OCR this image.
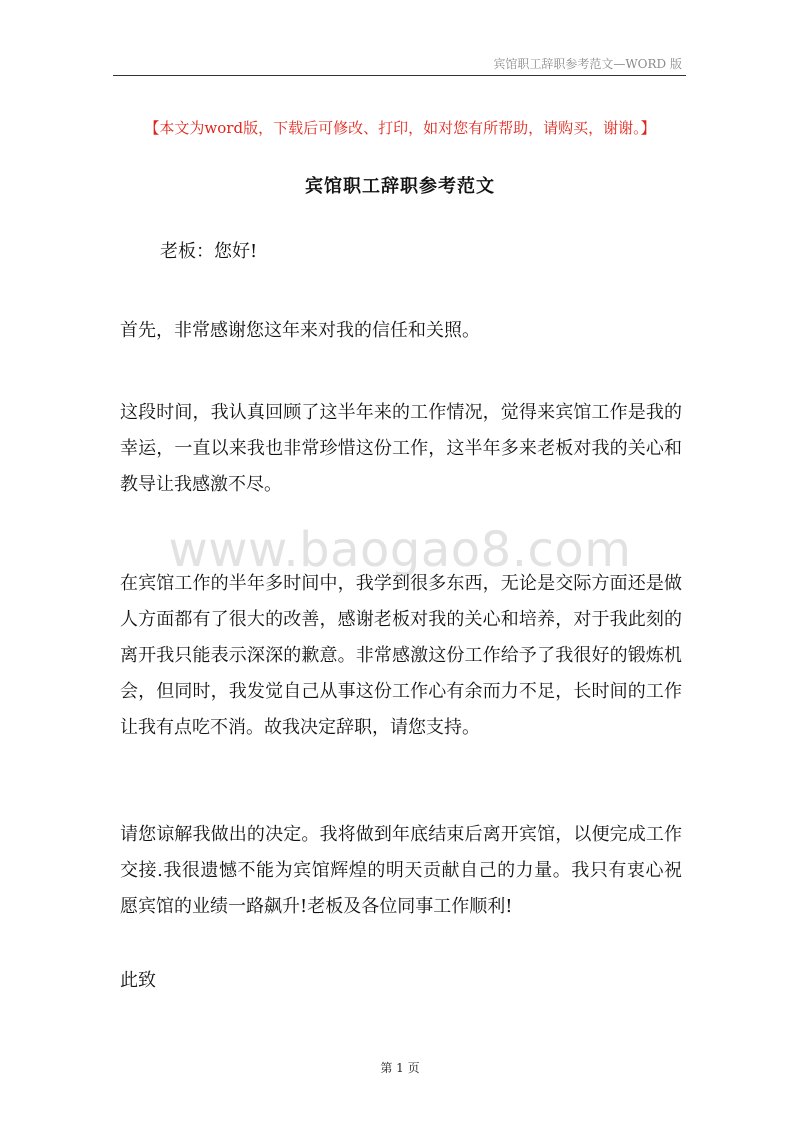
宾馆职工辞职参考范文—WORD 版
【本文为word版，下载后可修改、打印，如对您有所帮助，请购买，谢谢。】
宾馆职工辞职参考范文

老板：您好!

首先，非常感谢您这年来对我的信任和关照。

这段时间，我认真回顾了这半年来的工作情况，觉得来宾馆工作是我的幸运，一直以来我也非常珍惜这份工作，这半年多来老板对我的关心和教导让我感激不尽。

www.baogao8.com

在宾馆工作的半年多时间中，我学到很多东西，无论是交际方面还是做人方面都有了很大的改善，感谢老板对我的关心和培养，对于我此刻的离开我只能表示深深的歉意。非常感激这份工作给予了我很好的锻炼机会，但同时，我发觉自己从事这份工作心有余而力不足，长时间的工作让我有点吃不消。故我决定辞职，请您支持。

请您谅解我做出的决定。我将做到年底结束后离开宾馆，以便完成工作交接.我很遗憾不能为宾馆辉煌的明天贡献自己的力量。我只有衷心祝愿宾馆的业绩一路飙升!老板及各位同事工作顺利!

此致

第 1 页
